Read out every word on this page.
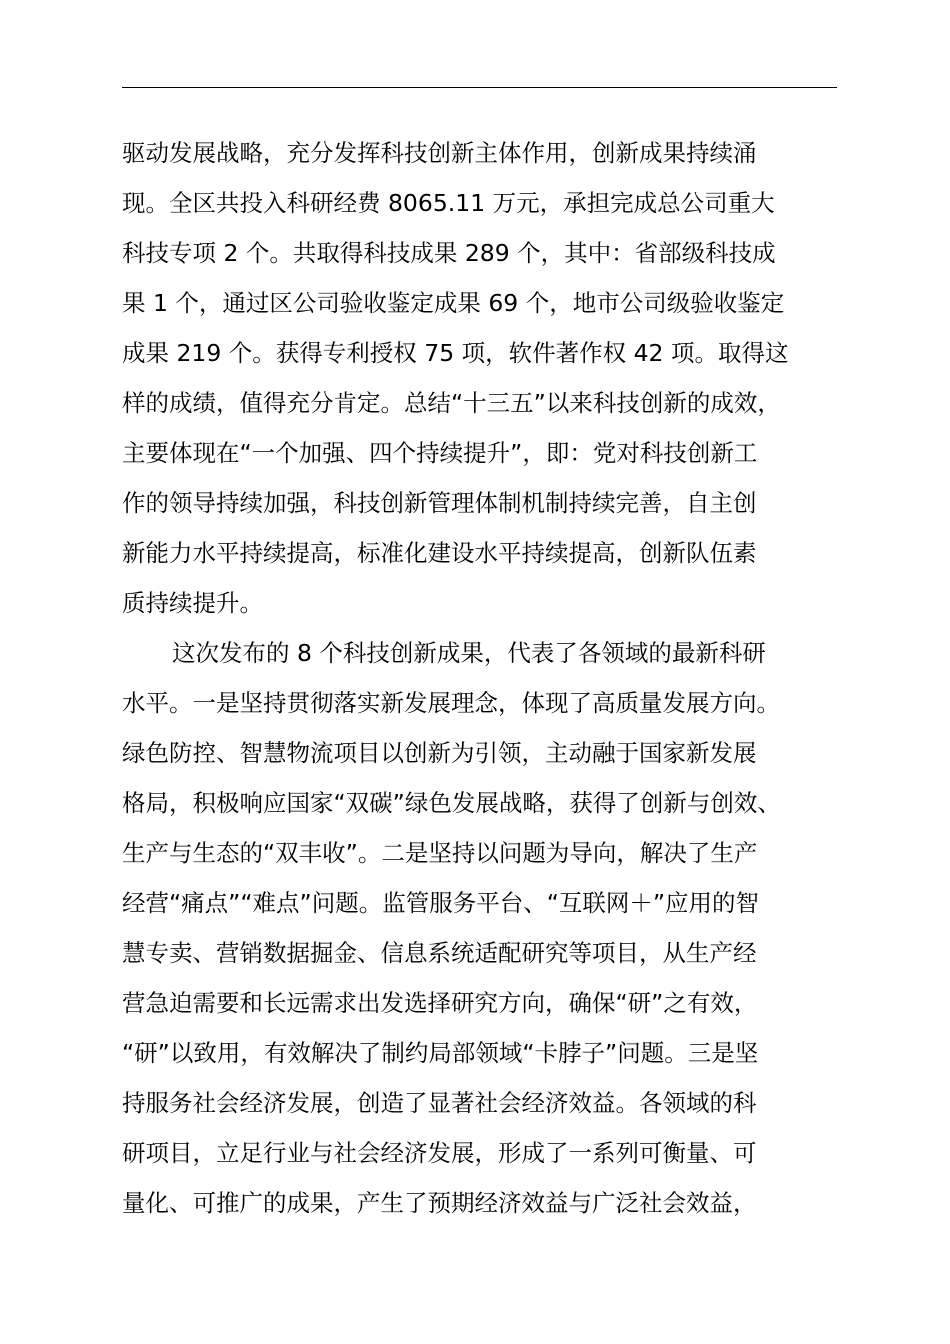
驱动发展战略，充分发挥科技创新主体作用，创新成果持续涌
现。全区共投入科研经费 8065.11 万元，承担完成总公司重大
科技专项 2 个。共取得科技成果 289 个，其中：省部级科技成
果 1 个，通过区公司验收鉴定成果 69 个，地市公司级验收鉴定
成果 219 个。获得专利授权 75 项，软件著作权 42 项。取得这
样的成绩，值得充分肯定。总结“十三五”以来科技创新的成效，
主要体现在“一个加强、四个持续提升”，即：党对科技创新工
作的领导持续加强，科技创新管理体制机制持续完善，自主创
新能力水平持续提高，标准化建设水平持续提高，创新队伍素
质持续提升。
这次发布的 8 个科技创新成果，代表了各领域的最新科研
水平。一是坚持贯彻落实新发展理念，体现了高质量发展方向。
绿色防控、智慧物流项目以创新为引领，主动融于国家新发展
格局，积极响应国家“双碳”绿色发展战略，获得了创新与创效、
生产与生态的“双丰收”。二是坚持以问题为导向，解决了生产
经营“痛点”“难点”问题。监管服务平台、“互联网＋”应用的智
慧专卖、营销数据掘金、信息系统适配研究等项目，从生产经
营急迫需要和长远需求出发选择研究方向，确保“研”之有效，
“研”以致用，有效解决了制约局部领域“卡脖子”问题。三是坚
持服务社会经济发展，创造了显著社会经济效益。各领域的科
研项目，立足行业与社会经济发展，形成了一系列可衡量、可
量化、可推广的成果，产生了预期经济效益与广泛社会效益，
